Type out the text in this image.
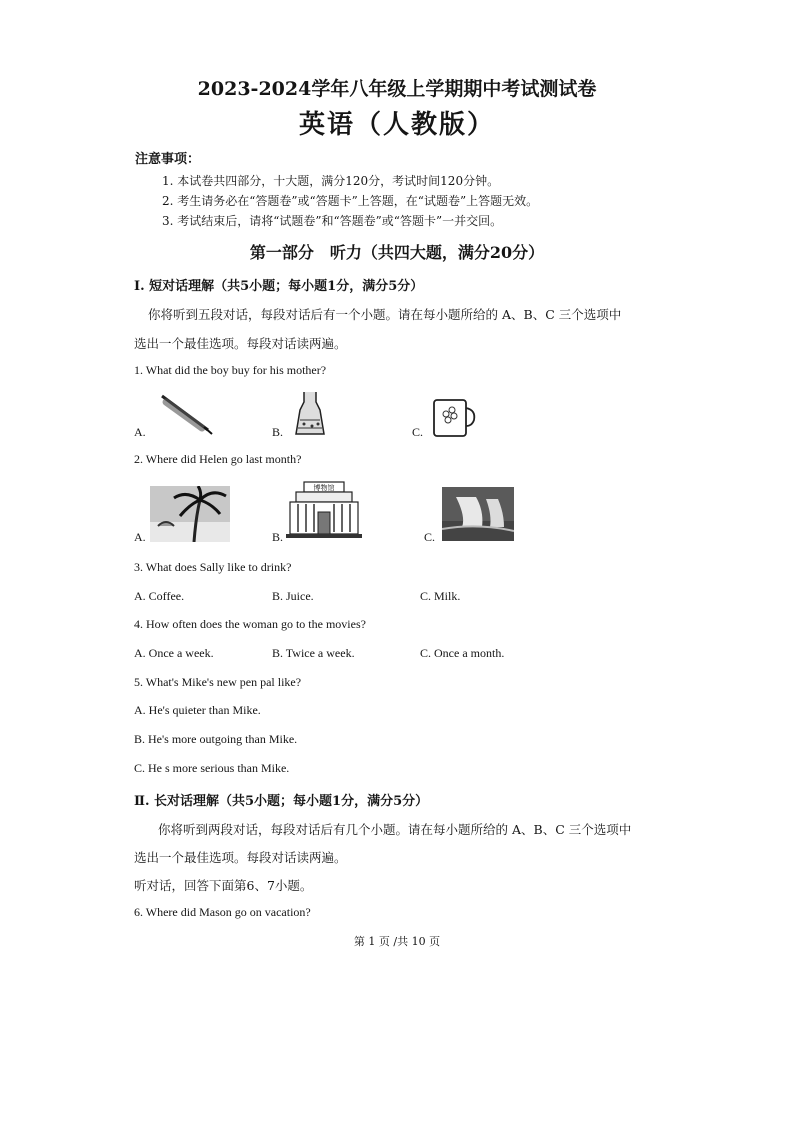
2023-2024学年八年级上学期期中考试测试卷
英语（人教版）
注意事项：
1. 本试卷共四部分，十大题，满分120分，考试时间120分钟。
2. 考生请务必在“答题卷”或“答题卡”上答题，在“试题卷”上答题无效。
3. 考试结束后，请将“试题卷”和“答题卷”或“答题卡”一并交回。
第一部分　听力（共四大题，满分20分）
Ⅰ. 短对话理解（共5小题；每小题1分，满分5分）
你将听到五段对话，每段对话后有一个小题。请在每小题所给的 A、B、C 三个选项中
选出一个最佳选项。每段对话读两遍。
1. What did the boy buy for his mother?
A.	B.	C.
2. Where did Helen go last month?
A.	B.
博物馆
C.
3. What does Sally like to drink?
A. Coffee.	B. Juice.	C. Milk.
4. How often does the woman go to the movies?
A. Once a week.	B. Twice a week.	C. Once a month.
5. What's Mike's new pen pal like?
A. He's quieter than Mike.
B. He's more outgoing than Mike.
C. He s more serious than Mike.
Ⅱ. 长对话理解（共5小题；每小题1分，满分5分）
你将听到两段对话，每段对话后有几个小题。请在每小题所给的 A、B、C 三个选项中
选出一个最佳选项。每段对话读两遍。
听对话，回答下面第6、7小题。
6. Where did Mason go on vacation?
第 1 页 /共 10 页
